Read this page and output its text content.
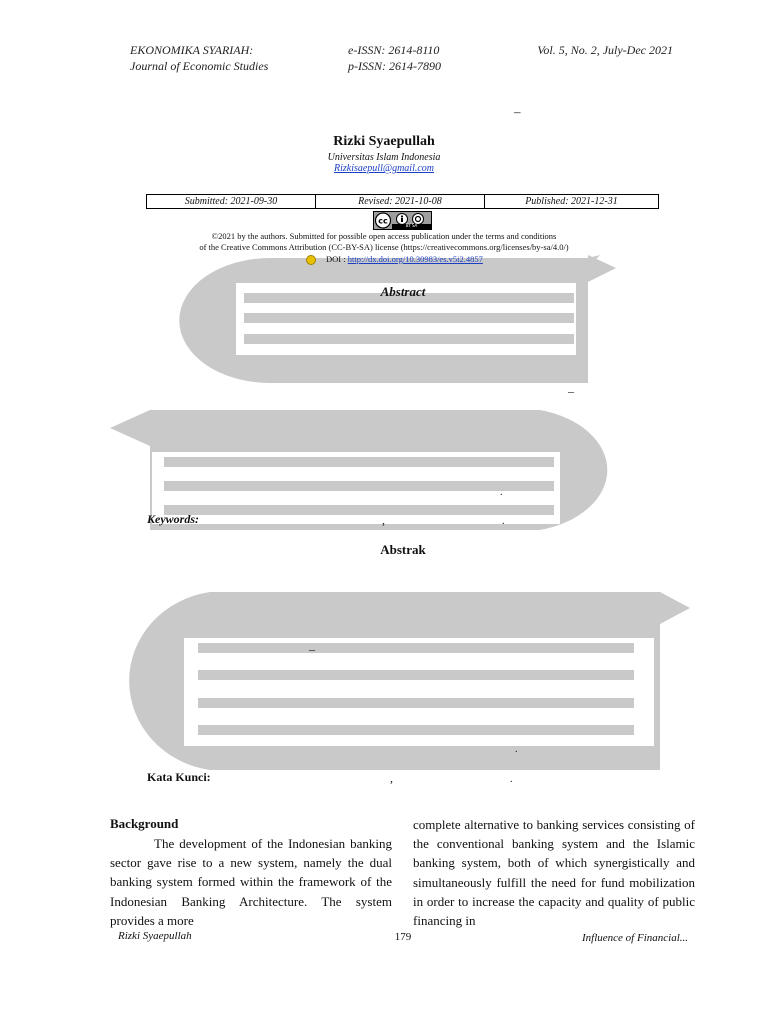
EKONOMIKA SYARIAH:
Journal of Economic Studies
e-ISSN: 2614-8110
p-ISSN: 2614-7890
Vol. 5, No. 2, July-Dec 2021
–
Rizki Syaepullah
Universitas Islam Indonesia
Rizkisaepull@gmail.com
Submitted: 2021-09-30	Revised: 2021-10-08	Published: 2021-12-31
cc	BY SA
©2021 by the authors. Submitted for possible open access publication under the terms and conditions
of the Creative Commons Attribution (CC-BY-SA) license (https://creativecommons.org/licenses/by-sa/4.0/)
DOI : http://dx.doi.org/10.30983/es.v5i2.4857
Abstract
–
.
Keywords:	,	.
Abstrak
–
.
Kata Kunci:	,	.
Background

The development of the Indonesian banking sector gave rise to a new system, namely the dual banking system formed within the framework of the Indonesian Banking Architecture. The system provides a more

complete alternative to banking services consisting of the conventional banking system and the Islamic banking system, both of which synergistically and simultaneously fulfill the need for fund mobilization in order to increase the capacity and quality of public financing in

Rizki Syaepullah	179	Influence of Financial...
